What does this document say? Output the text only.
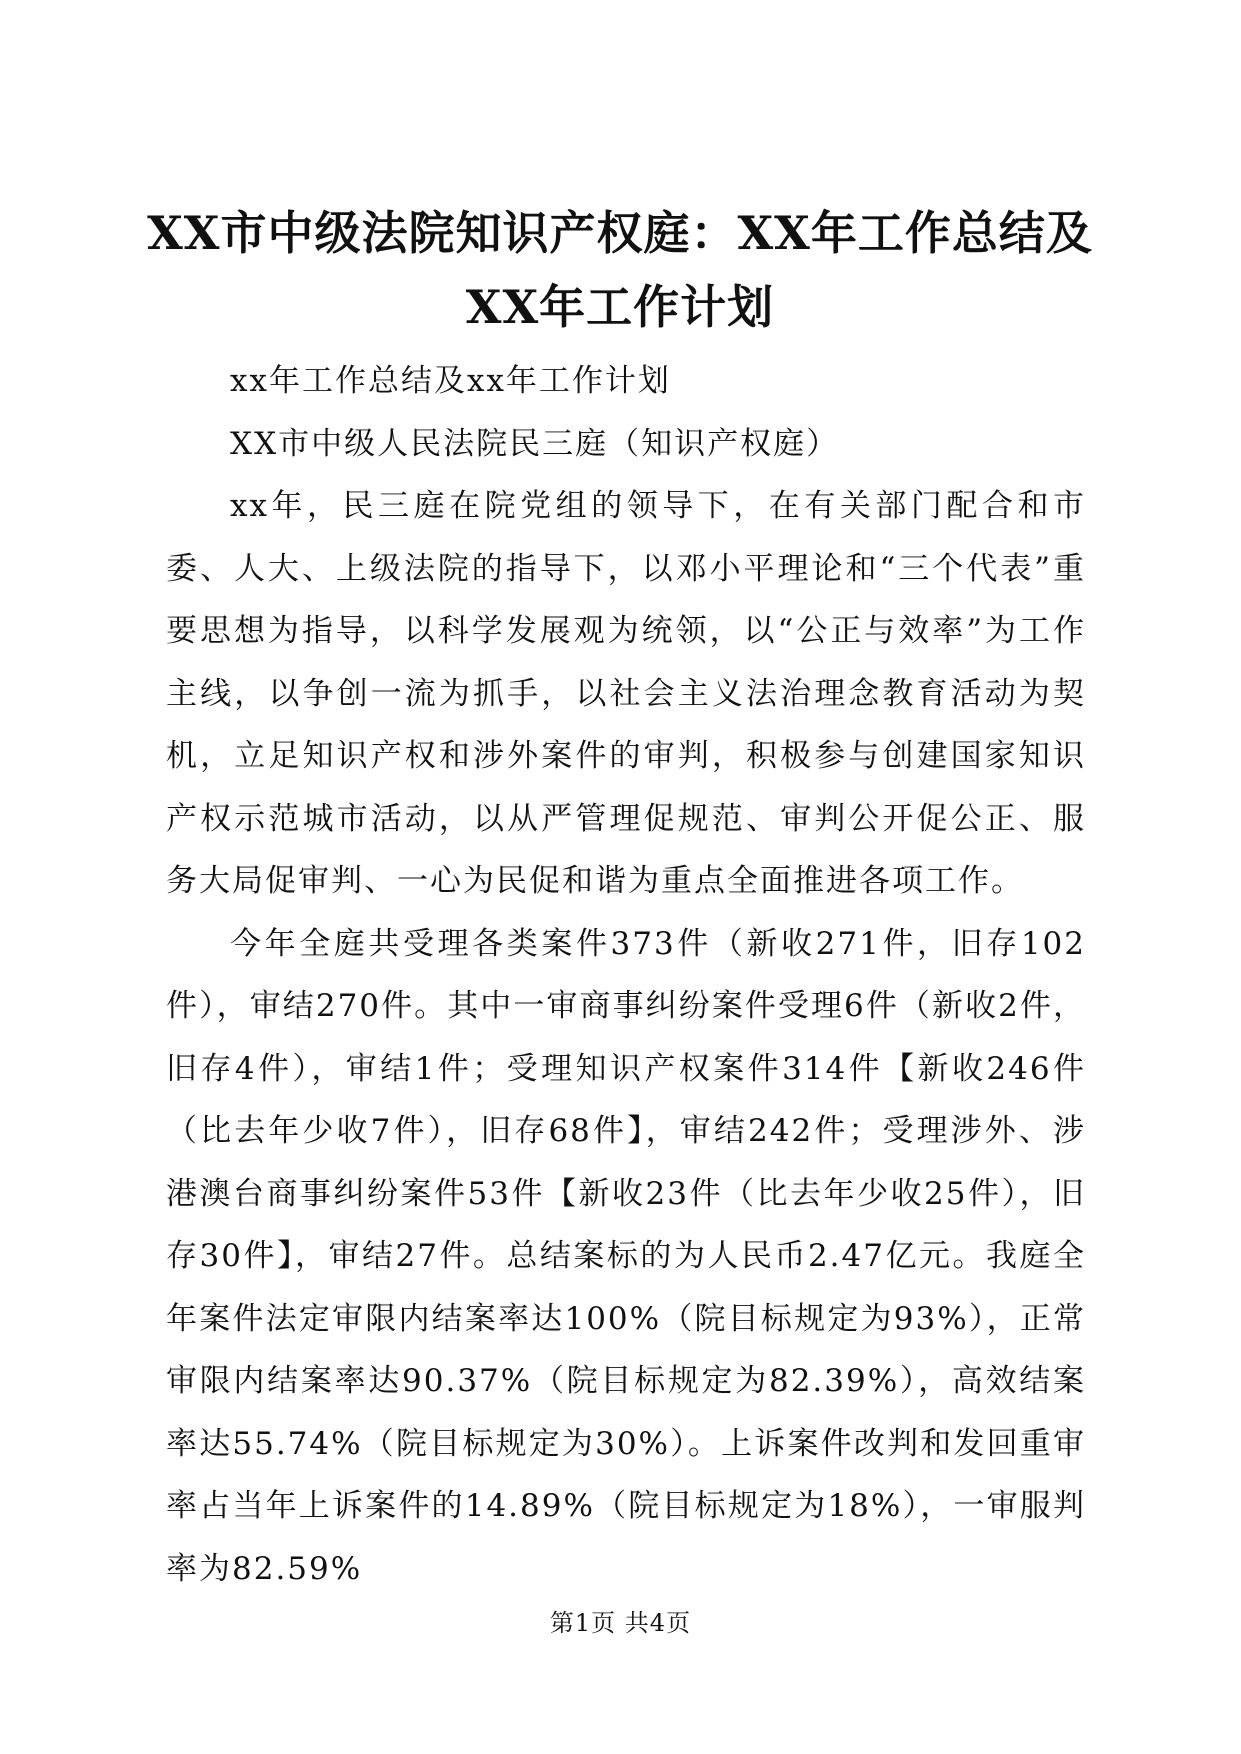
XX市中级法院知识产权庭：XX年工作总结及
XX年工作计划

xx年工作总结及xx年工作计划

XX市中级人民法院民三庭（知识产权庭）

xx年，民三庭在院党组的领导下，在有关部门配合和市委、人大、上级法院的指导下，以邓小平理论和“三个代表”重要思想为指导，以科学发展观为统领，以“公正与效率”为工作主线，以争创一流为抓手，以社会主义法治理念教育活动为契机，立足知识产权和涉外案件的审判，积极参与创建国家知识产权示范城市活动，以从严管理促规范、审判公开促公正、服务大局促审判、一心为民促和谐为重点全面推进各项工作。

今年全庭共受理各类案件373件（新收271件，旧存102件），审结270件。其中一审商事纠纷案件受理6件（新收2件，旧存4件），审结1件；受理知识产权案件314件【新收246件（比去年少收7件），旧存68件】，审结242件；受理涉外、涉港澳台商事纠纷案件53件【新收23件（比去年少收25件），旧存30件】，审结27件。总结案标的为人民币2.47亿元。我庭全年案件法定审限内结案率达100%（院目标规定为93%），正常审限内结案率达90.37%（院目标规定为82.39%），高效结案率达55.74%（院目标规定为30%）。上诉案件改判和发回重审率占当年上诉案件的14.89%（院目标规定为18%），一审服判率为82.59%

第1页 共4页
